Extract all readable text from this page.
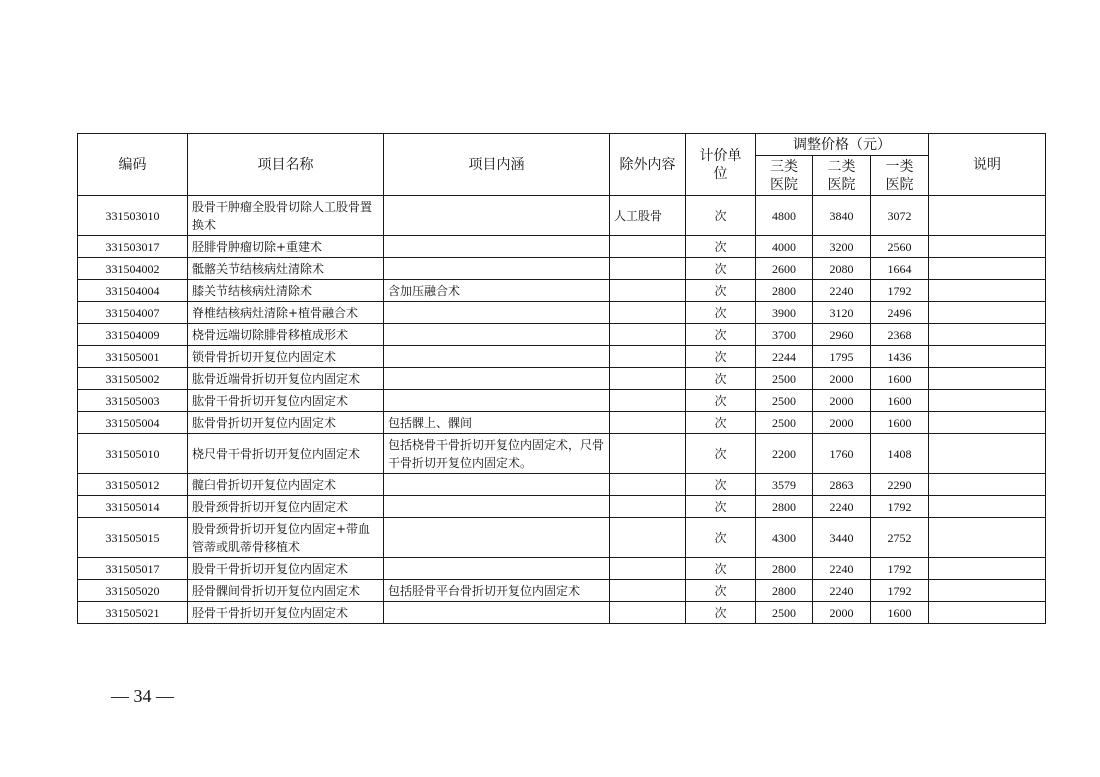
编码	项目名称	项目内涵	除外内容	计价单位	调整价格（元）			说明
					三类医院	二类医院	一类医院	
331503010	股骨干肿瘤全股骨切除人工股骨置换术		人工股骨	次	4800	3840	3072	
331503017	胫腓骨肿瘤切除+重建术			次	4000	3200	2560	
331504002	骶髂关节结核病灶清除术			次	2600	2080	1664	
331504004	膝关节结核病灶清除术	含加压融合术		次	2800	2240	1792	
331504007	脊椎结核病灶清除+植骨融合术			次	3900	3120	2496	
331504009	桡骨远端切除腓骨移植成形术			次	3700	2960	2368	
331505001	锁骨骨折切开复位内固定术			次	2244	1795	1436	
331505002	肱骨近端骨折切开复位内固定术			次	2500	2000	1600	
331505003	肱骨干骨折切开复位内固定术			次	2500	2000	1600	
331505004	肱骨骨折切开复位内固定术	包括髁上、髁间		次	2500	2000	1600	
331505010	桡尺骨干骨折切开复位内固定术	包括桡骨干骨折切开复位内固定术，尺骨干骨折切开复位内固定术。		次	2200	1760	1408	
331505012	髋臼骨折切开复位内固定术			次	3579	2863	2290	
331505014	股骨颈骨折切开复位内固定术			次	2800	2240	1792	
331505015	股骨颈骨折切开复位内固定+带血管蒂或肌蒂骨移植术			次	4300	3440	2752	
331505017	股骨干骨折切开复位内固定术			次	2800	2240	1792	
331505020	胫骨髁间骨折切开复位内固定术	包括胫骨平台骨折切开复位内固定术		次	2800	2240	1792	
331505021	胫骨干骨折切开复位内固定术			次	2500	2000	1600	
— 34 —
